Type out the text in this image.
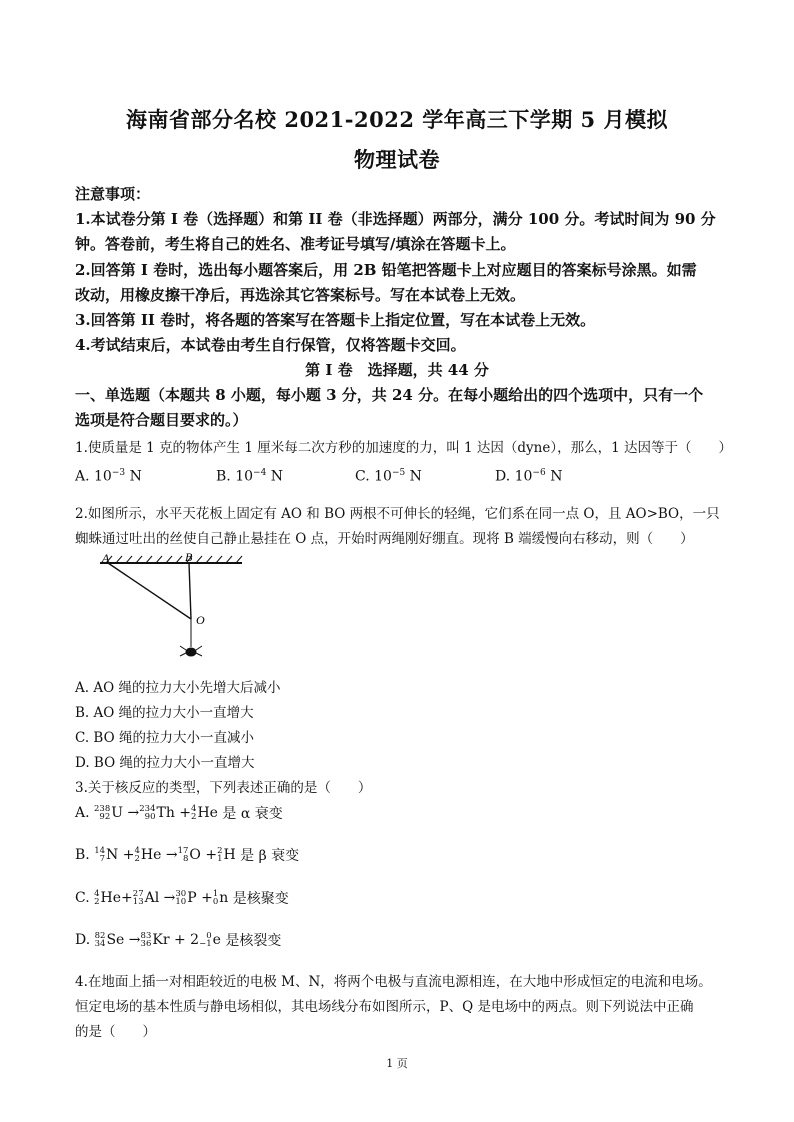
海南省部分名校 2021-2022 学年高三下学期 5 月模拟
物理试卷
注意事项：
1.本试卷分第 I 卷（选择题）和第 II 卷（非选择题）两部分，满分 100 分。考试时间为 90 分
钟。答卷前，考生将自己的姓名、准考证号填写/填涂在答题卡上。
2.回答第 I 卷时，选出每小题答案后，用 2B 铅笔把答题卡上对应题目的答案标号涂黑。如需
改动，用橡皮擦干净后，再选涂其它答案标号。写在本试卷上无效。
3.回答第 II 卷时，将各题的答案写在答题卡上指定位置，写在本试卷上无效。
4.考试结束后，本试卷由考生自行保管，仅将答题卡交回。
第 I 卷　选择题，共 44 分
一、单选题（本题共 8 小题，每小题 3 分，共 24 分。在每小题给出的四个选项中，只有一个
选项是符合题目要求的。）
1.使质量是 1 克的物体产生 1 厘米每二次方秒的加速度的力，叫 1 达因（dyne），那么，1 达因等于（　　）
A. $10^{-3}$ N	B. $10^{-4}$ N	C. $10^{-5}$ N	D. $10^{-6}$ N
2.如图所示，水平天花板上固定有 AO 和 BO 两根不可伸长的轻绳，它们系在同一点 O，且 AO>BO，一只
蜘蛛通过吐出的丝使自己静止悬挂在 O 点，开始时两绳刚好绷直。现将 B 端缓慢向右移动，则（　　）
A	B
O
A. AO 绳的拉力大小先增大后减小
B. AO 绳的拉力大小一直增大
C. BO 绳的拉力大小一直减小
D. BO 绳的拉力大小一直增大
3.关于核反应的类型，下列表述正确的是（　　）
A.
238
92 U → 234
90 Th + 4
2 He
是 α 衰变
B.
14
7 N + 4
2 He → 17
8 O + 2
1 H
是 β 衰变
C.
4
2 He + 27
13 Al → 30
10 P + 1
0 n
是核聚变
D.
82
34 Se → 83
36 Kr + 2 0
−1 e
是核裂变
4.在地面上插一对相距较近的电极 M、N，将两个电极与直流电源相连，在大地中形成恒定的电流和电场。
恒定电场的基本性质与静电场相似，其电场线分布如图所示，P、Q 是电场中的两点。则下列说法中正确
的是（　　）
1 页
